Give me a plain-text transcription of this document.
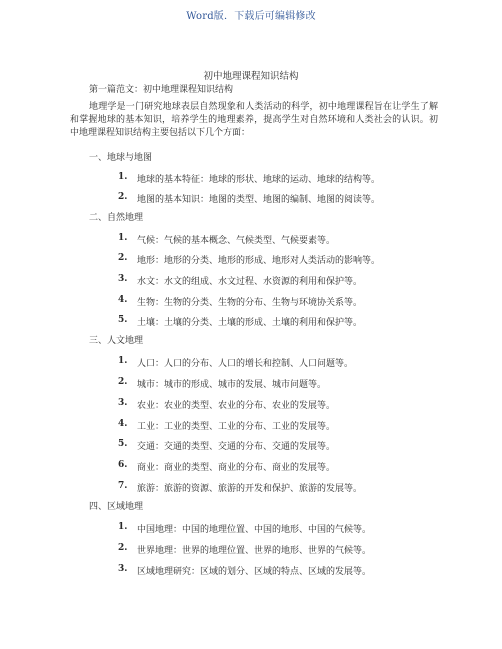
Word版．下载后可编辑修改
初中地理课程知识结构
第一篇范文：初中地理课程知识结构
地理学是一门研究地球表层自然现象和人类活动的科学，初中地理课程旨在让学生了解和掌握地球的基本知识，培养学生的地理素养，提高学生对自然环境和人类社会的认识。初中地理课程知识结构主要包括以下几个方面：
一、地球与地图
1. 地球的基本特征：地球的形状、地球的运动、地球的结构等。
2. 地图的基本知识：地图的类型、地图的编制、地图的阅读等。
二、自然地理
1. 气候：气候的基本概念、气候类型、气候要素等。
2. 地形：地形的分类、地形的形成、地形对人类活动的影响等。
3. 水文：水文的组成、水文过程、水资源的利用和保护等。
4. 生物：生物的分类、生物的分布、生物与环境协关系等。
5. 土壤：土壤的分类、土壤的形成、土壤的利用和保护等。
三、人文地理
1. 人口：人口的分布、人口的增长和控制、人口问题等。
2. 城市：城市的形成、城市的发展、城市问题等。
3. 农业：农业的类型、农业的分布、农业的发展等。
4. 工业：工业的类型、工业的分布、工业的发展等。
5. 交通：交通的类型、交通的分布、交通的发展等。
6. 商业：商业的类型、商业的分布、商业的发展等。
7. 旅游：旅游的资源、旅游的开发和保护、旅游的发展等。
四、区域地理
1. 中国地理：中国的地理位置、中国的地形、中国的气候等。
2. 世界地理：世界的地理位置、世界的地形、世界的气候等。
3. 区域地理研究：区域的划分、区域的特点、区域的发展等。
